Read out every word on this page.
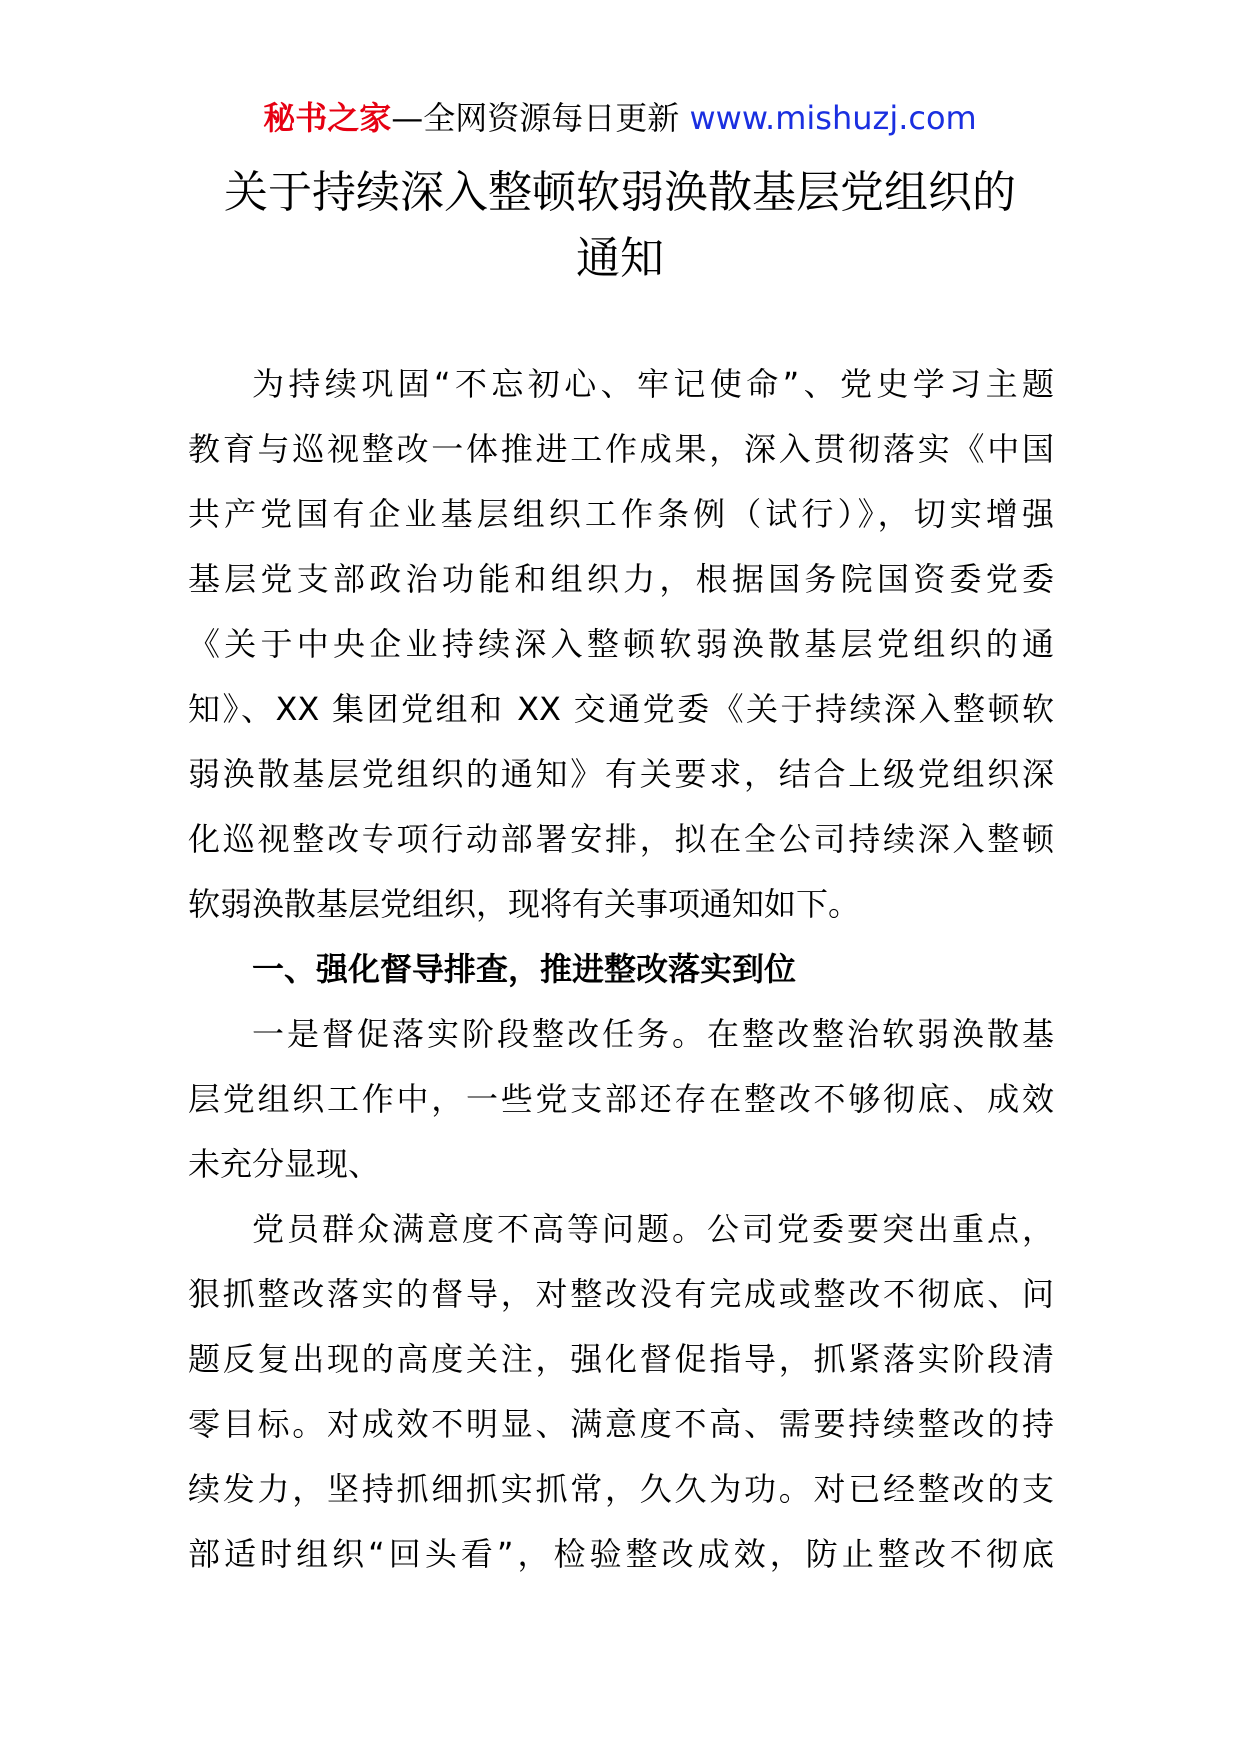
秘书之家—全网资源每日更新 www.mishuzj.com
关于持续深入整顿软弱涣散基层党组织的
通知
为持续巩固“不忘初心、牢记使命”、党史学习主题
教育与巡视整改一体推进工作成果，深入贯彻落实《中国
共产党国有企业基层组织工作条例（试行）》，切实增强
基层党支部政治功能和组织力，根据国务院国资委党委
《关于中央企业持续深入整顿软弱涣散基层党组织的通
知》、XX 集团党组和 XX 交通党委《关于持续深入整顿软
弱涣散基层党组织的通知》有关要求，结合上级党组织深
化巡视整改专项行动部署安排，拟在全公司持续深入整顿
软弱涣散基层党组织，现将有关事项通知如下。
一、强化督导排查，推进整改落实到位
一是督促落实阶段整改任务。在整改整治软弱涣散基
层党组织工作中，一些党支部还存在整改不够彻底、成效
未充分显现、
党员群众满意度不高等问题。公司党委要突出重点，
狠抓整改落实的督导，对整改没有完成或整改不彻底、问
题反复出现的高度关注，强化督促指导，抓紧落实阶段清
零目标。对成效不明显、满意度不高、需要持续整改的持
续发力，坚持抓细抓实抓常，久久为功。对已经整改的支
部适时组织“回头看”，检验整改成效，防止整改不彻底
